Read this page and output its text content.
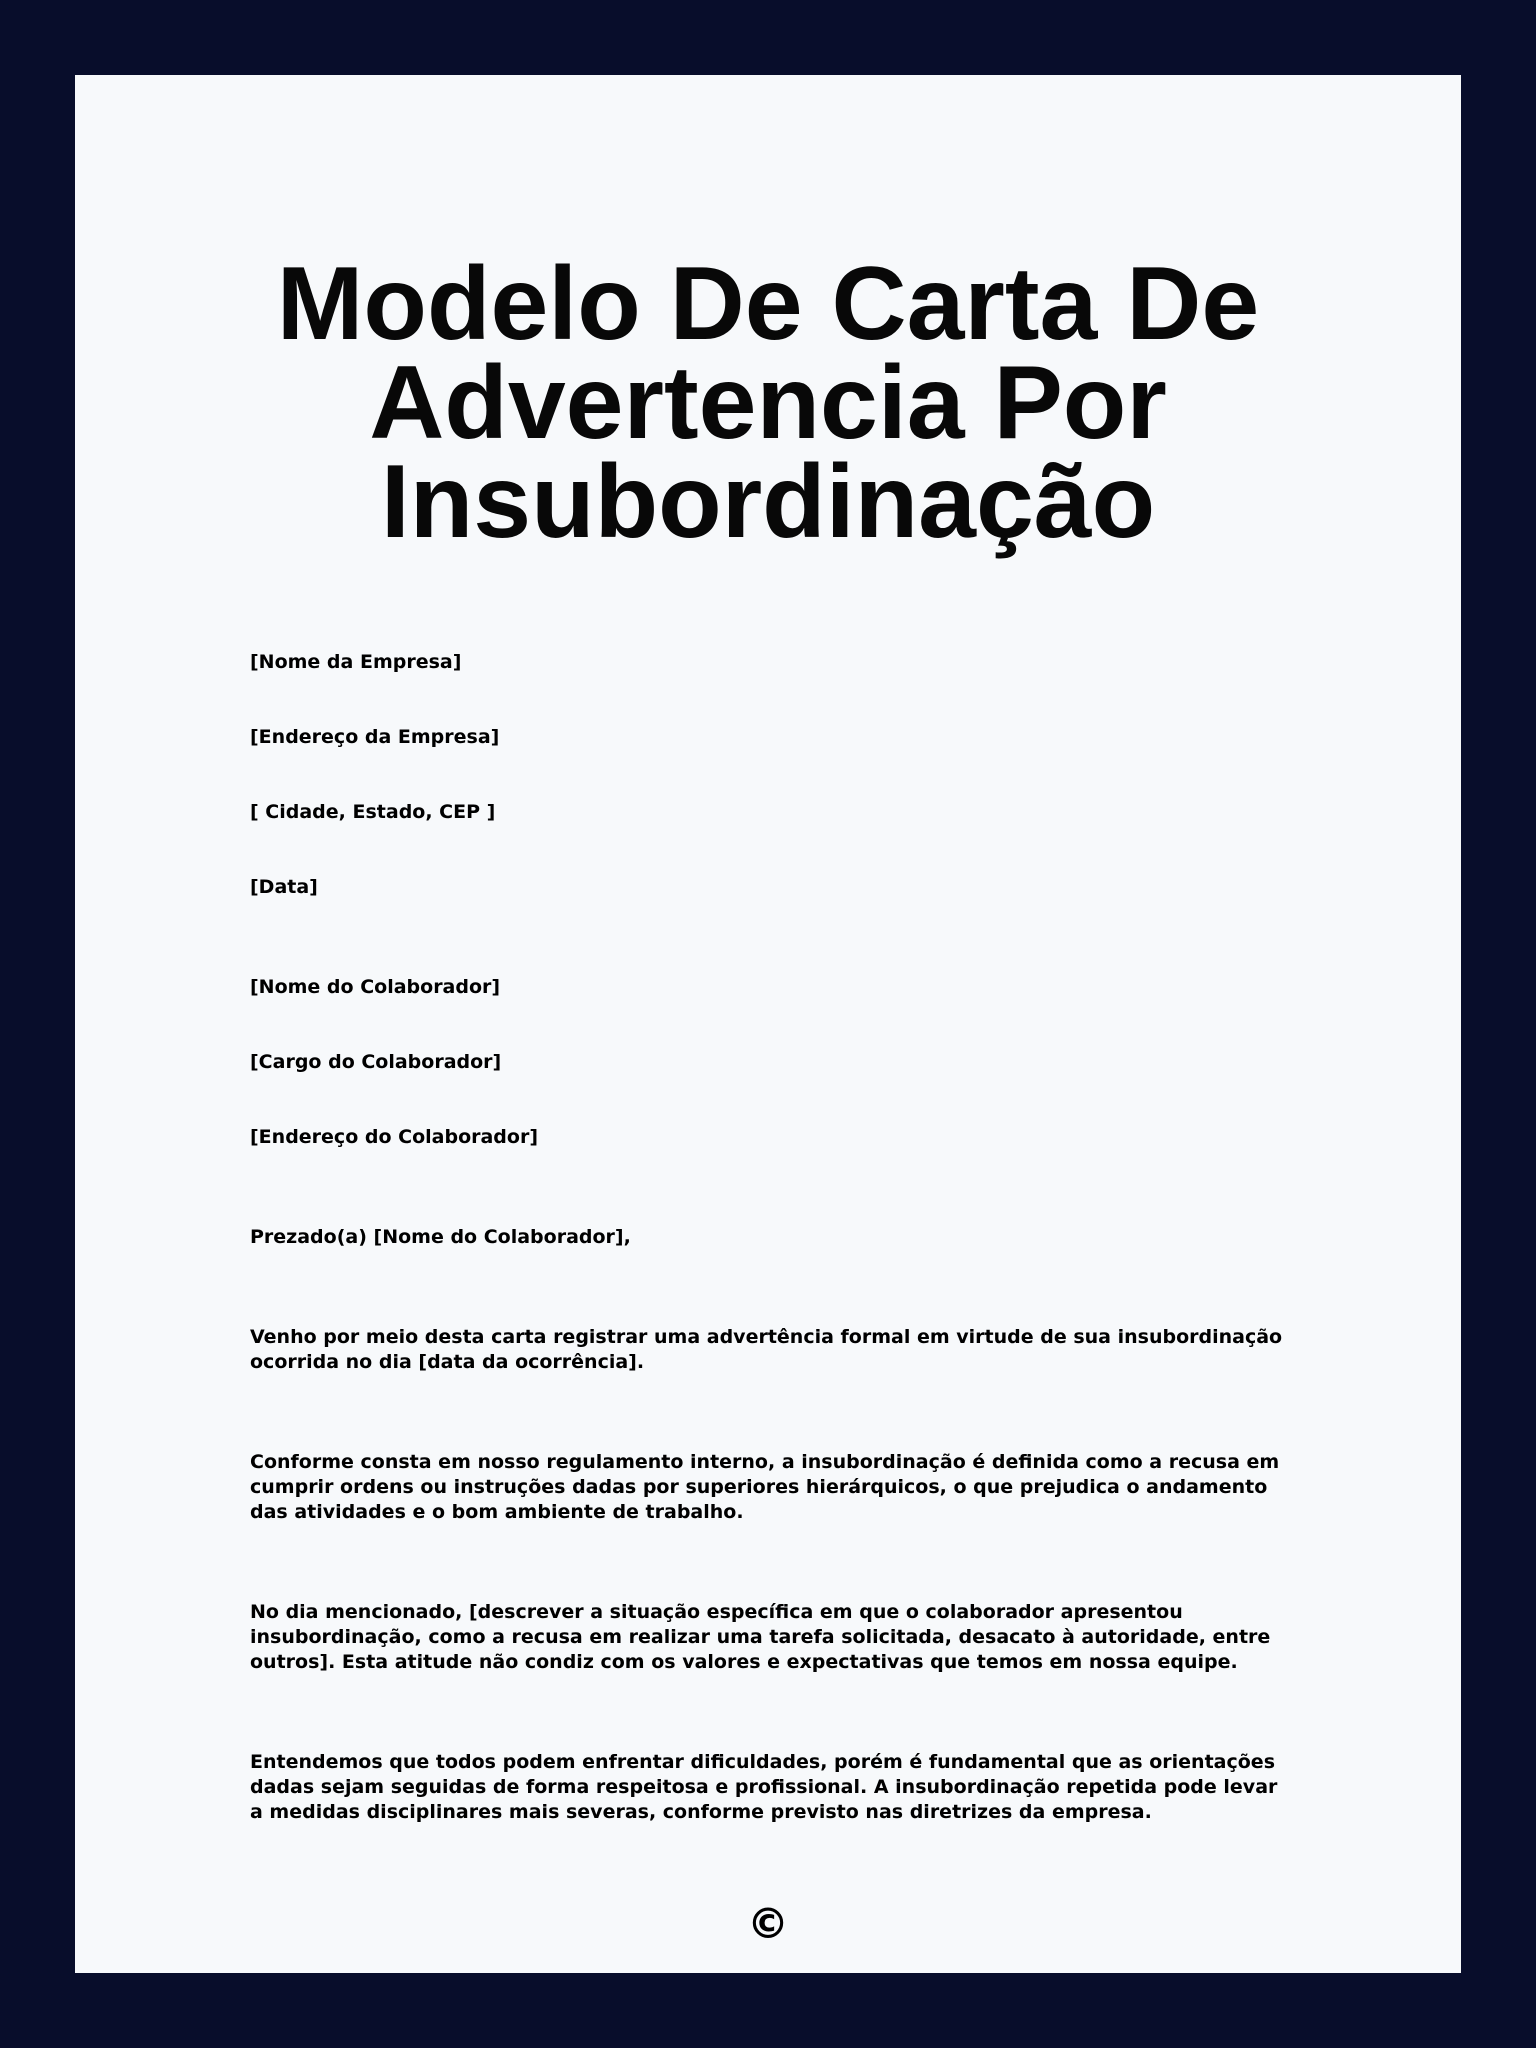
Modelo De Carta De Advertencia Por Insubordinação

[Nome da Empresa]

[Endereço da Empresa]

[ Cidade, Estado, CEP ]

[Data]

[Nome do Colaborador]

[Cargo do Colaborador]

[Endereço do Colaborador]

Prezado(a) [Nome do Colaborador],

Venho por meio desta carta registrar uma advertência formal em virtude de sua insubordinação ocorrida no dia [data da ocorrência].

Conforme consta em nosso regulamento interno, a insubordinação é definida como a recusa em cumprir ordens ou instruções dadas por superiores hierárquicos, o que prejudica o andamento das atividades e o bom ambiente de trabalho.

No dia mencionado, [descrever a situação específica em que o colaborador apresentou insubordinação, como a recusa em realizar uma tarefa solicitada, desacato à autoridade, entre outros]. Esta atitude não condiz com os valores e expectativas que temos em nossa equipe.

Entendemos que todos podem enfrentar dificuldades, porém é fundamental que as orientações dadas sejam seguidas de forma respeitosa e profissional. A insubordinação repetida pode levar a medidas disciplinares mais severas, conforme previsto nas diretrizes da empresa.

©
